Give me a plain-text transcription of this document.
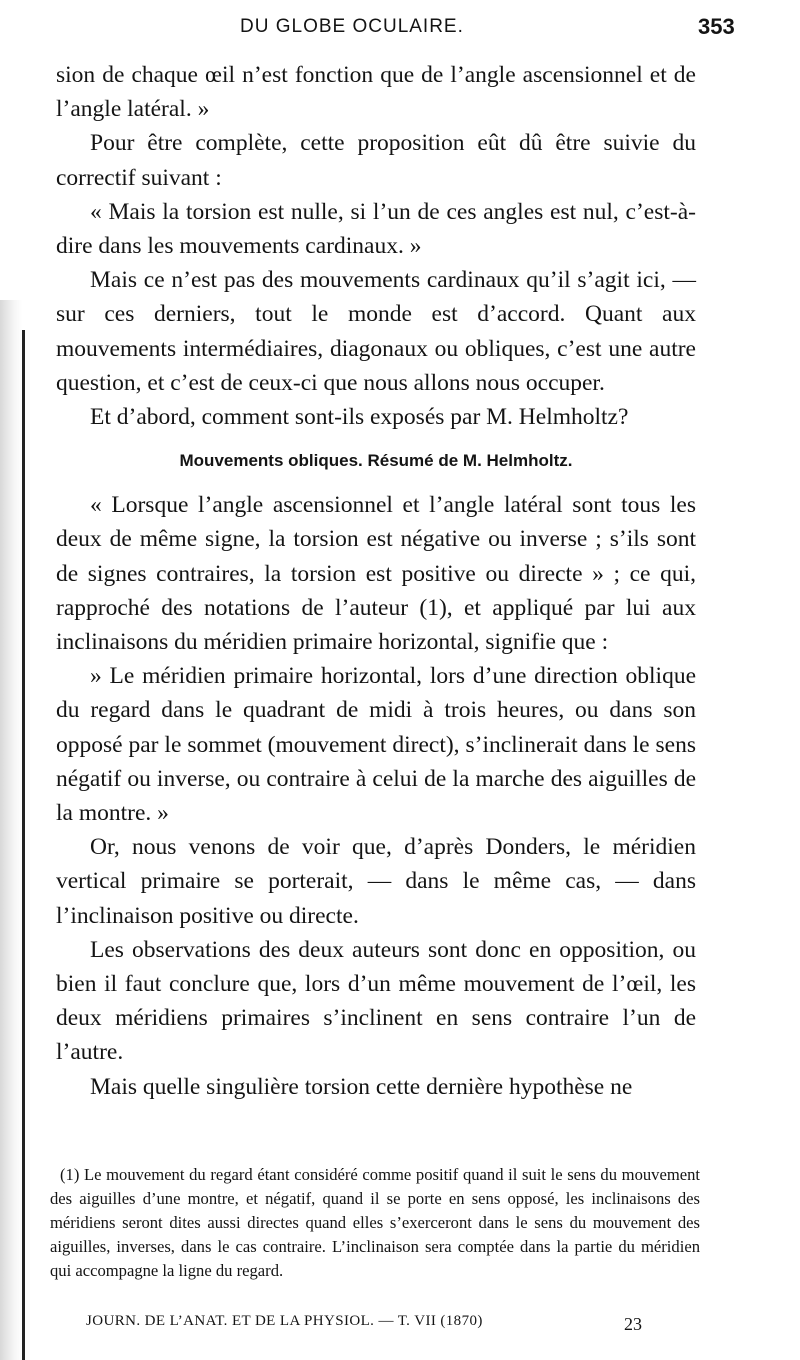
DU GLOBE OCULAIRE.	353

sion de chaque œil n’est fonction que de l’angle ascensionnel et de l’angle latéral. »

Pour être complète, cette proposition eût dû être suivie du correctif suivant :

« Mais la torsion est nulle, si l’un de ces angles est nul, c’est-à-dire dans les mouvements cardinaux. »

Mais ce n’est pas des mouvements cardinaux qu’il s’agit ici, — sur ces derniers, tout le monde est d’accord. Quant aux mouvements intermédiaires, diagonaux ou obliques, c’est une autre question, et c’est de ceux-ci que nous allons nous occuper.

Et d’abord, comment sont-ils exposés par M. Helmholtz?

Mouvements obliques. Résumé de M. Helmholtz.

« Lorsque l’angle ascensionnel et l’angle latéral sont tous les deux de même signe, la torsion est négative ou inverse ; s’ils sont de signes contraires, la torsion est positive ou directe » ; ce qui, rapproché des notations de l’auteur (1), et appliqué par lui aux inclinaisons du méridien primaire horizontal, signifie que :

» Le méridien primaire horizontal, lors d’une direction oblique du regard dans le quadrant de midi à trois heures, ou dans son opposé par le sommet (mouvement direct), s’inclinerait dans le sens négatif ou inverse, ou contraire à celui de la marche des aiguilles de la montre. »

Or, nous venons de voir que, d’après Donders, le méridien vertical primaire se porterait, — dans le même cas, — dans l’inclinaison positive ou directe.

Les observations des deux auteurs sont donc en opposition, ou bien il faut conclure que, lors d’un même mouvement de l’œil, les deux méridiens primaires s’inclinent en sens contraire l’un de l’autre.

Mais quelle singulière torsion cette dernière hypothèse ne

(1) Le mouvement du regard étant considéré comme positif quand il suit le sens du mouvement des aiguilles d’une montre, et négatif, quand il se porte en sens opposé, les inclinaisons des méridiens seront dites aussi directes quand elles s’exerceront dans le sens du mouvement des aiguilles, inverses, dans le cas contraire. L’inclinaison sera comptée dans la partie du méridien qui accompagne la ligne du regard.

JOURN. DE L’ANAT. ET DE LA PHYSIOL. — T. VII (1870)	23
